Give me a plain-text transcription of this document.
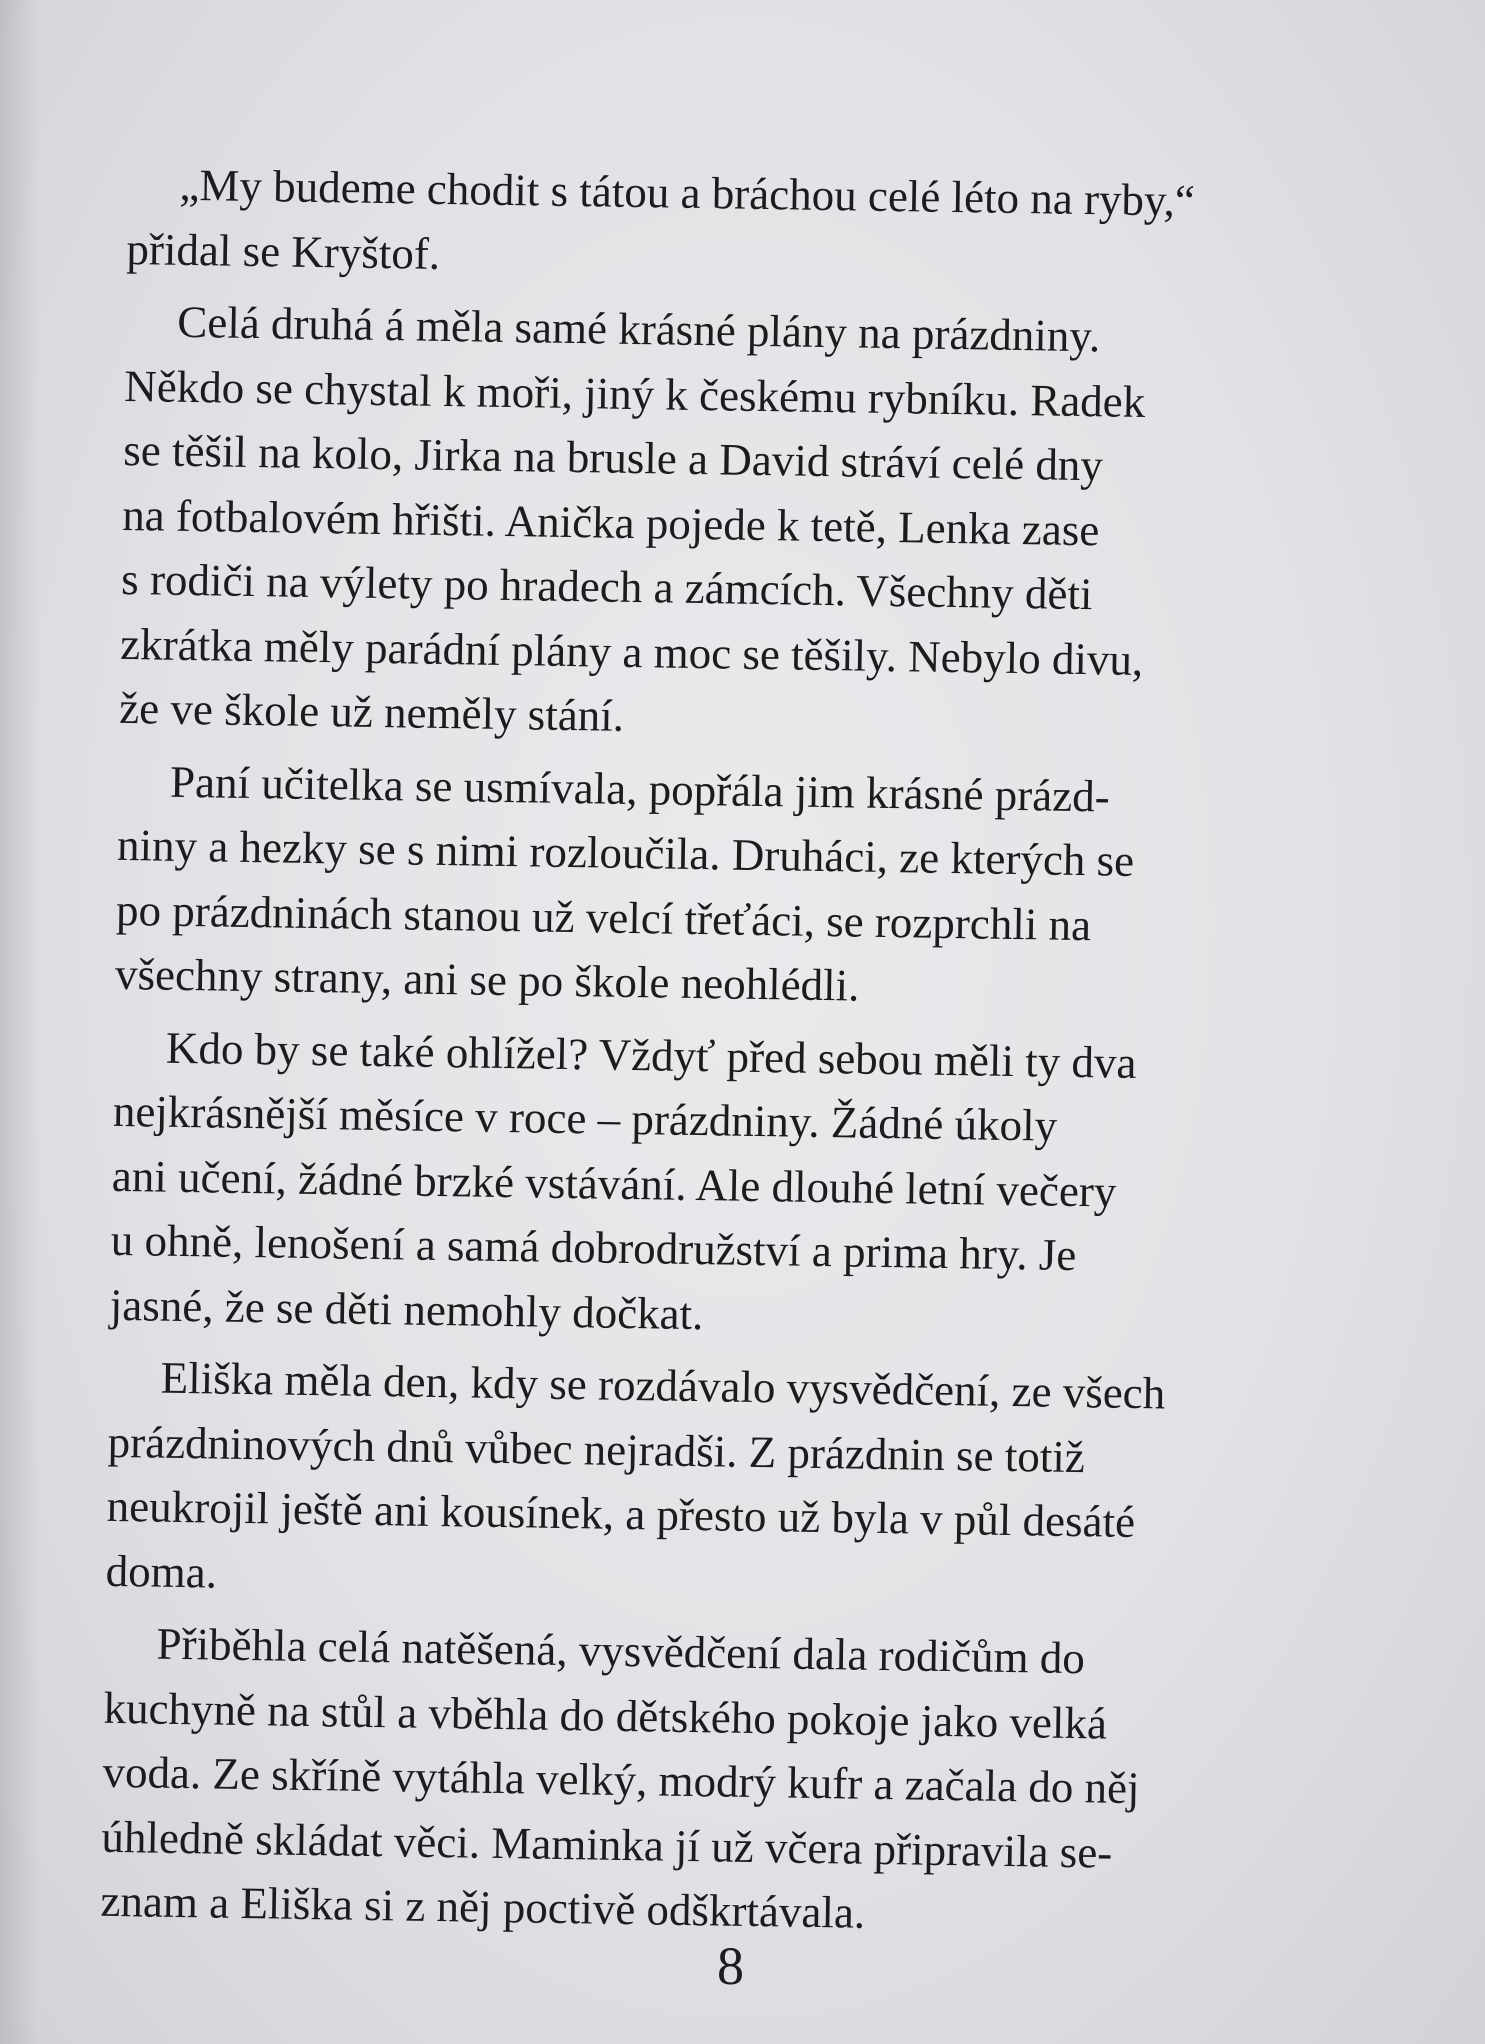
„My budeme chodit s tátou a bráchou celé léto na ryby,“
přidal se Kryštof.
Celá druhá á měla samé krásné plány na prázdniny.
Někdo se chystal k moři, jiný k českému rybníku. Radek
se těšil na kolo, Jirka na brusle a David stráví celé dny
na fotbalovém hřišti. Anička pojede k tetě, Lenka zase
s rodiči na výlety po hradech a zámcích. Všechny děti
zkrátka měly parádní plány a moc se těšily. Nebylo divu,
že ve škole už neměly stání.
Paní učitelka se usmívala, popřála jim krásné prázd-
niny a hezky se s nimi rozloučila. Druháci, ze kterých se
po prázdninách stanou už velcí třeťáci, se rozprchli na
všechny strany, ani se po škole neohlédli.
Kdo by se také ohlížel? Vždyť před sebou měli ty dva
nejkrásnější měsíce v roce – prázdniny. Žádné úkoly
ani učení, žádné brzké vstávání. Ale dlouhé letní večery
u ohně, lenošení a samá dobrodružství a prima hry. Je
jasné, že se děti nemohly dočkat.
Eliška měla den, kdy se rozdávalo vysvědčení, ze všech
prázdninových dnů vůbec nejradši. Z prázdnin se totiž
neukrojil ještě ani kousínek, a přesto už byla v půl desáté
doma.
Přiběhla celá natěšená, vysvědčení dala rodičům do
kuchyně na stůl a vběhla do dětského pokoje jako velká
voda. Ze skříně vytáhla velký, modrý kufr a začala do něj
úhledně skládat věci. Maminka jí už včera připravila se-
znam a Eliška si z něj poctivě odškrtávala.
8
